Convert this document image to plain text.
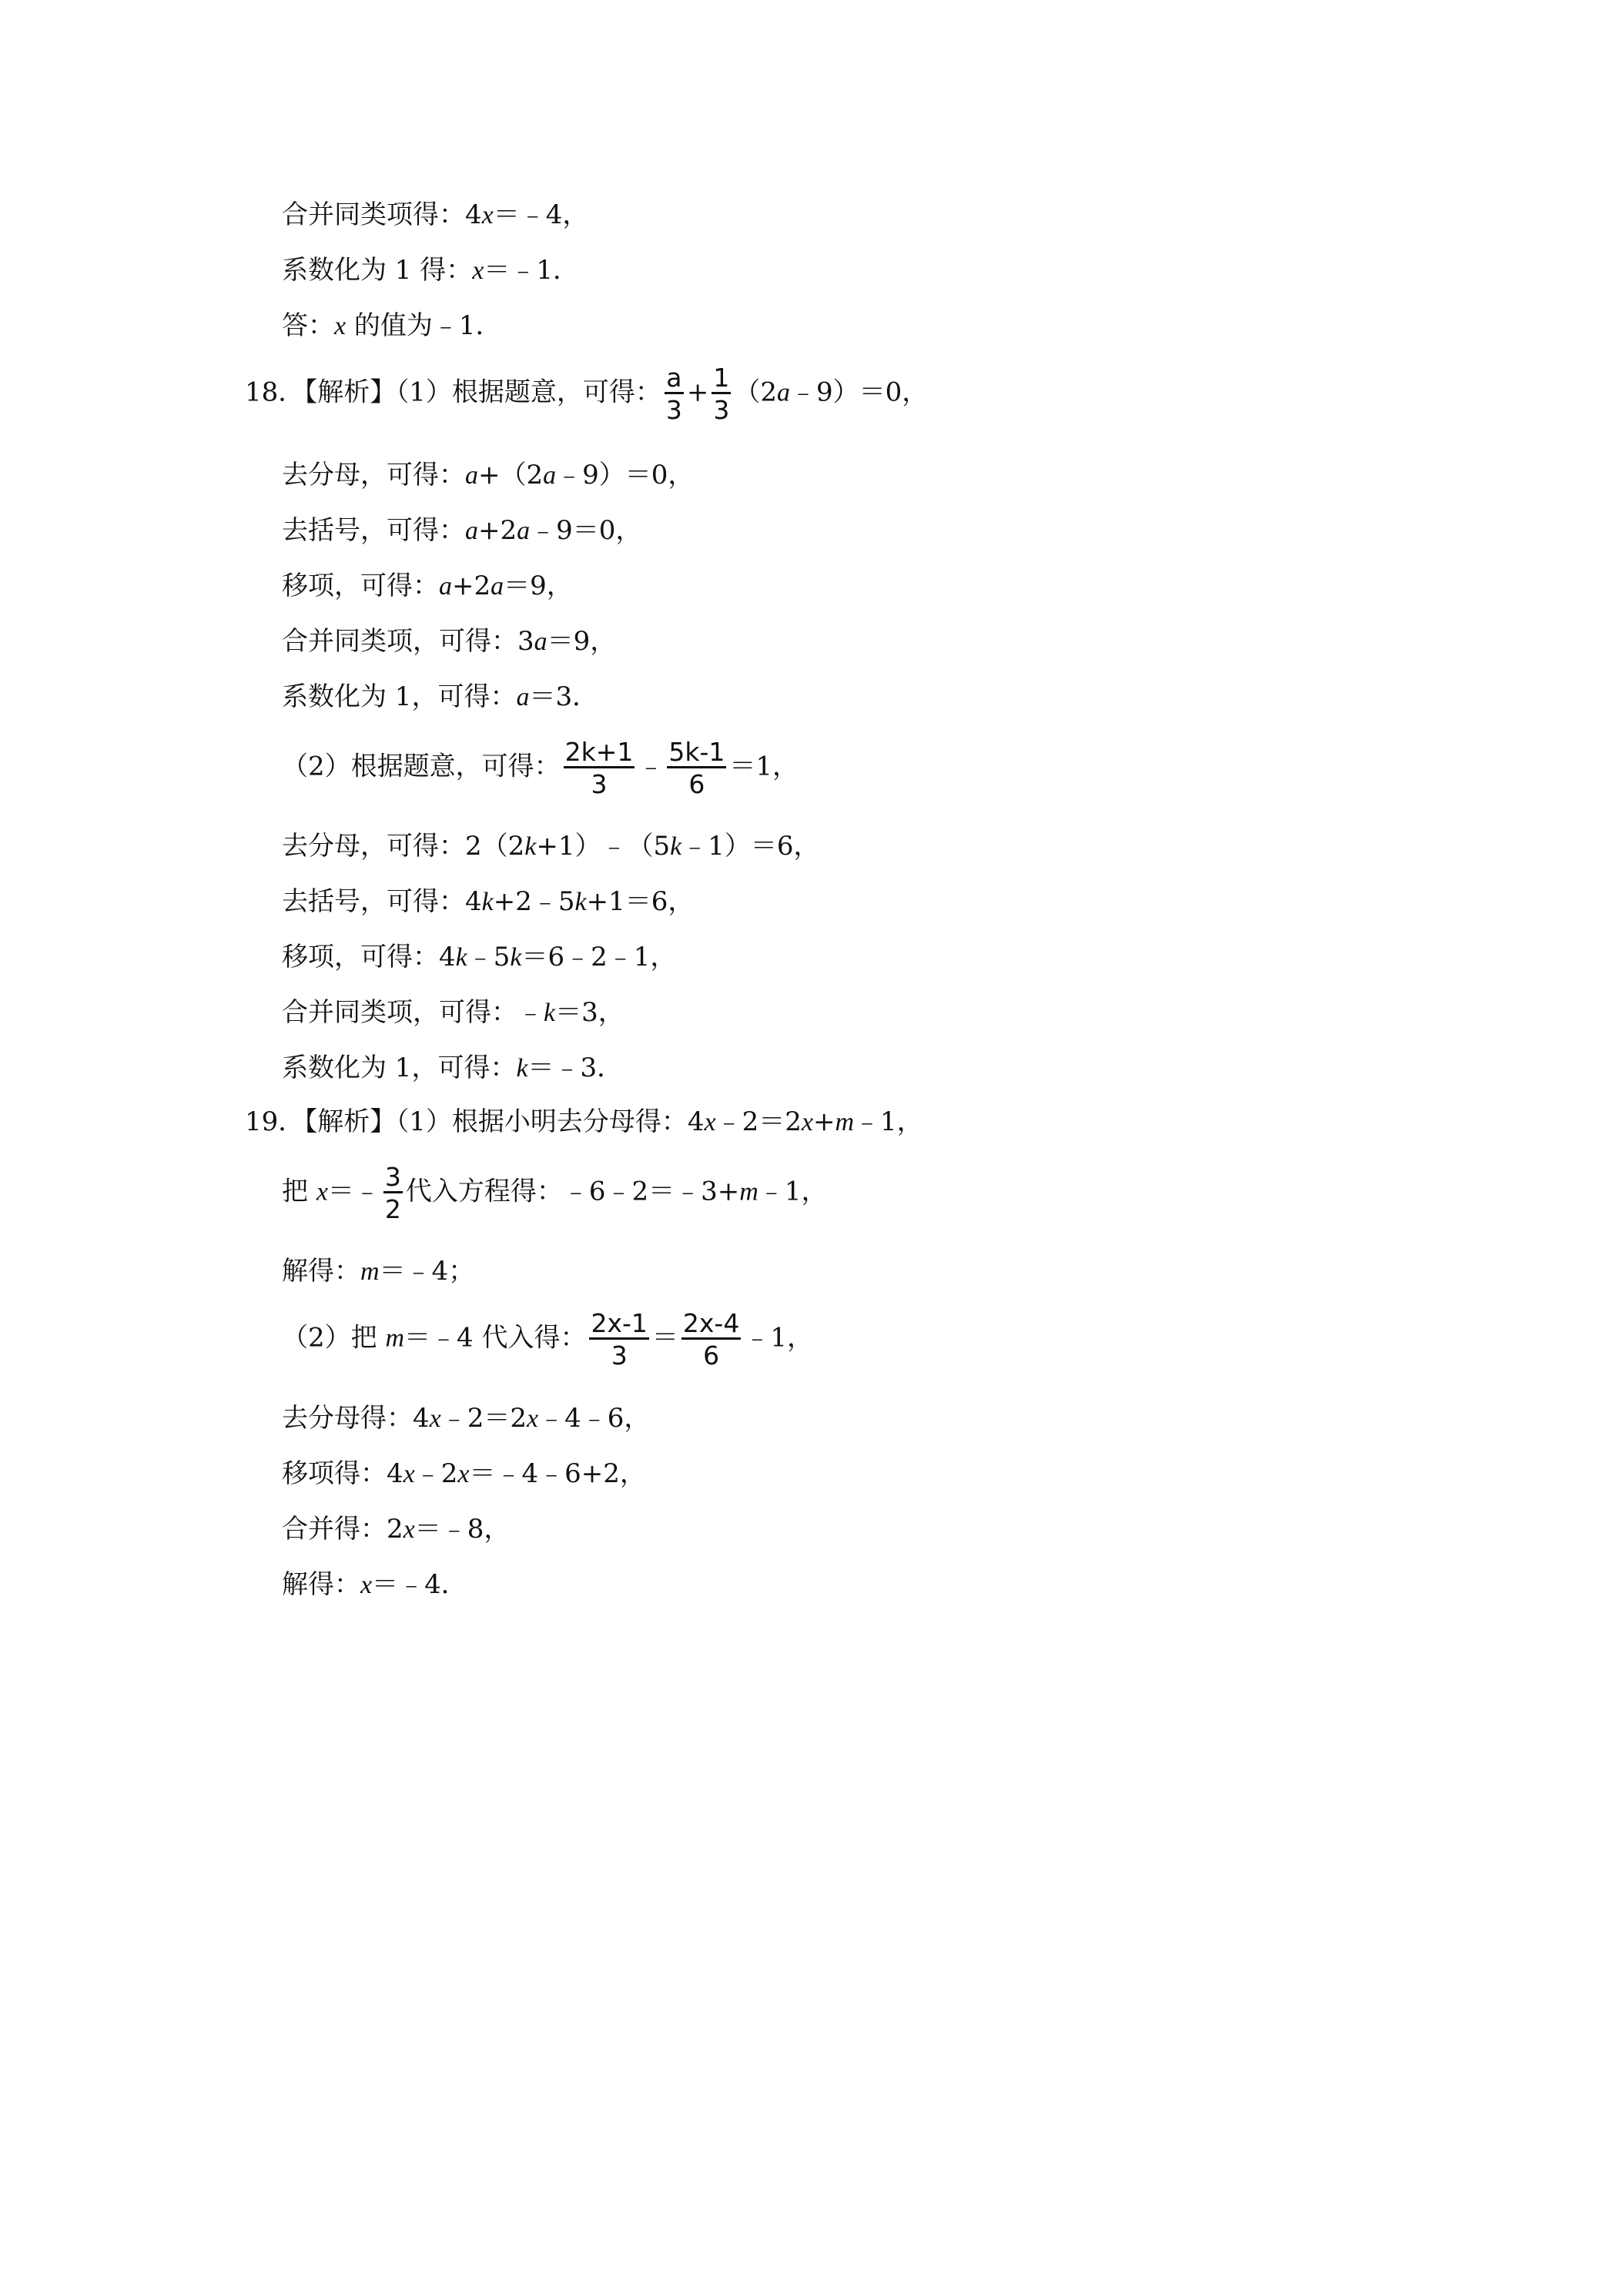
合并同类项得：4x＝﹣4，
系数化为 1 得：x＝﹣1．
答：x 的值为﹣1．
18．【解析】（1）根据题意，可得： $\frac{a}{3} + \frac{1}{3}$ （2a﹣9）＝0，
去分母，可得：a+（2a﹣9）＝0，
去括号，可得：a+2a﹣9＝0，
移项，可得：a+2a＝9，
合并同类项，可得：3a＝9，
系数化为 1，可得：a＝3．
（2）根据题意，可得： $\frac{2k+1}{3}$ ﹣ $\frac{5k-1}{6} =1$，
去分母，可得：2（2k+1）﹣（5k﹣1）＝6，
去括号，可得：4k+2﹣5k+1＝6，
移项，可得：4k﹣5k＝6﹣2﹣1，
合并同类项，可得：﹣k＝3，
系数化为 1，可得：k＝﹣3．
19．【解析】（1）根据小明去分母得：4x﹣2＝2x+m﹣1，
把 x＝﹣ $\frac{3}{2}$ 代入方程得：﹣6﹣2＝﹣3+m﹣1，
解得：m＝﹣4；
（2）把 m＝﹣4 代入得： $\frac{2x-1}{3} = \frac{2x-4}{6}$ ﹣1，
去分母得：4x﹣2＝2x﹣4﹣6，
移项得：4x﹣2x＝﹣4﹣6+2，
合并得：2x＝﹣8，
解得：x＝﹣4．
